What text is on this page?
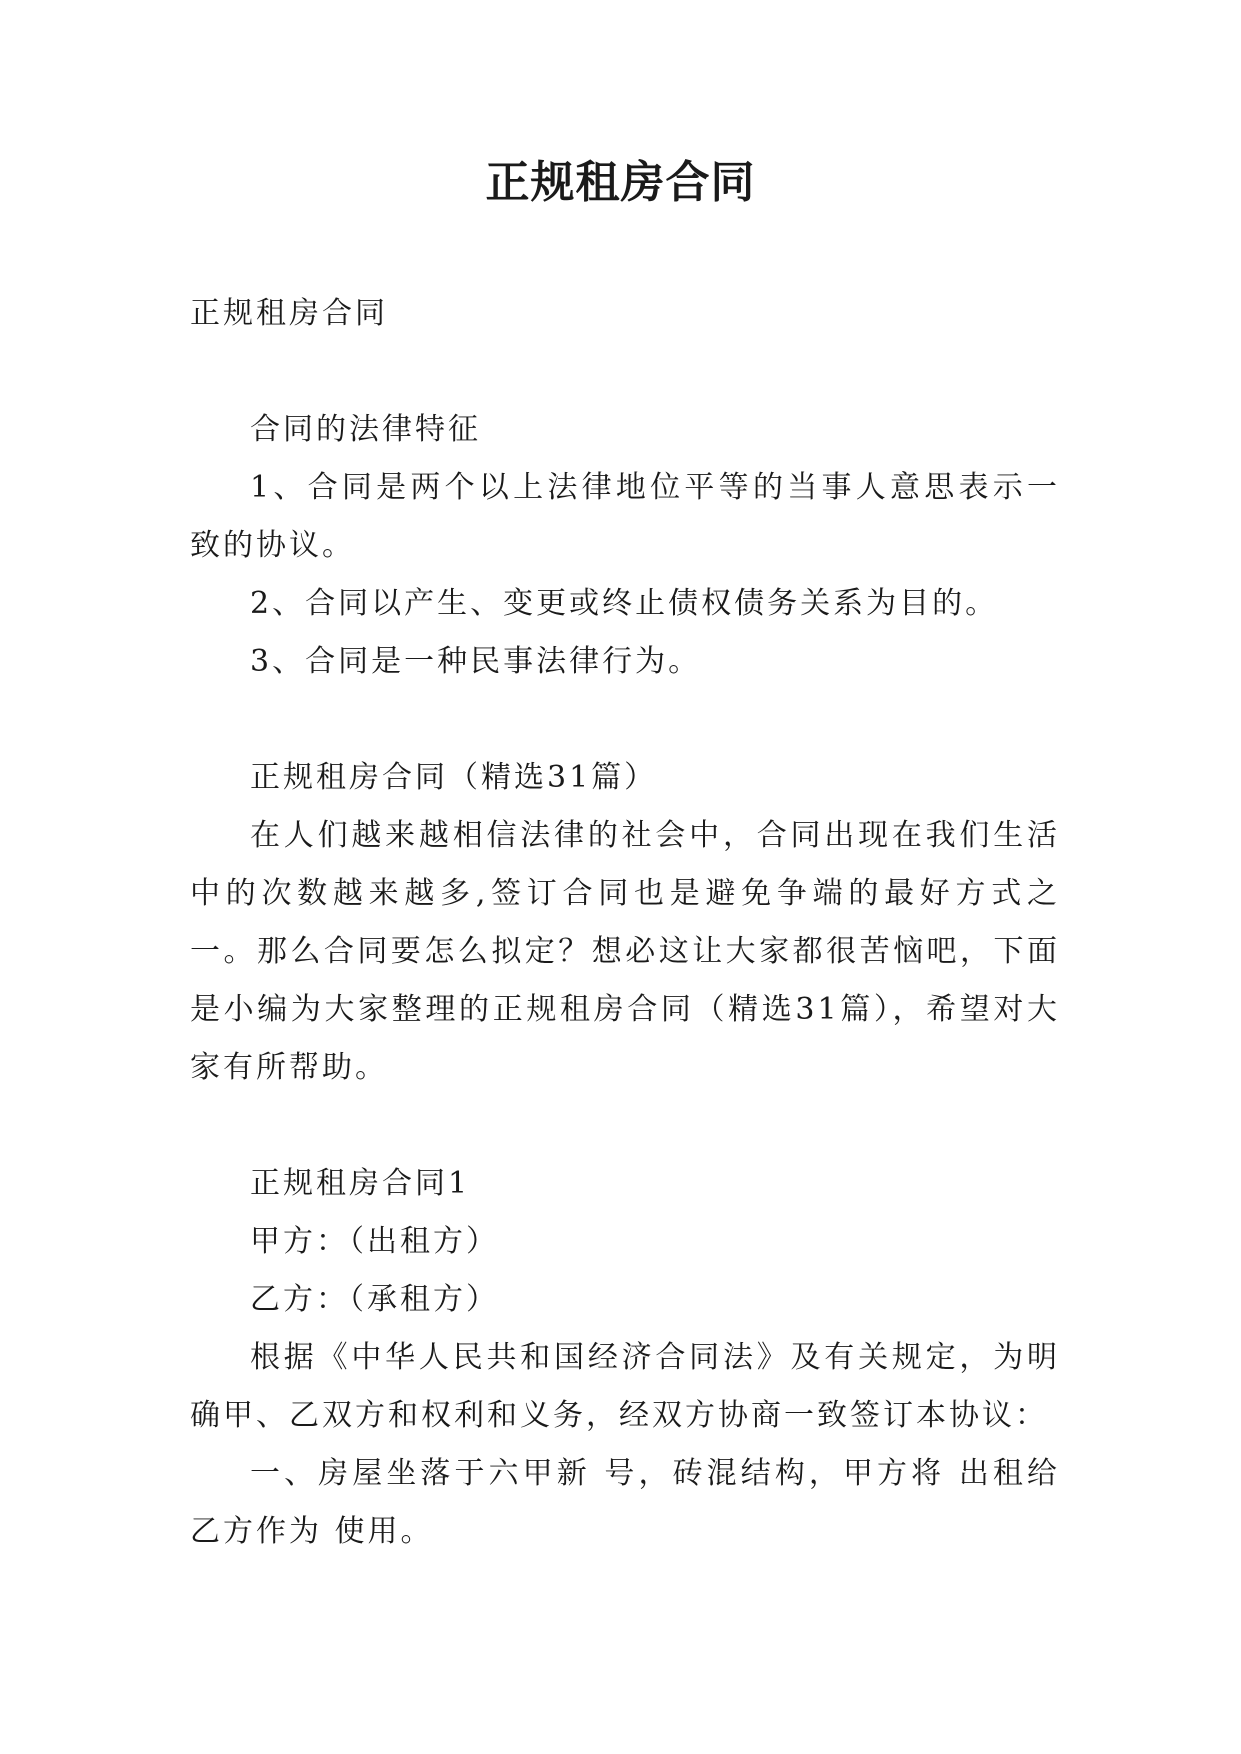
正规租房合同

正规租房合同

合同的法律特征

1、合同是两个以上法律地位平等的当事人意思表示一致的协议。

2、合同以产生、变更或终止债权债务关系为目的。

3、合同是一种民事法律行为。

正规租房合同（精选31篇）

在人们越来越相信法律的社会中，合同出现在我们生活中的次数越来越多,签订合同也是避免争端的最好方式之一。那么合同要怎么拟定？想必这让大家都很苦恼吧，下面是小编为大家整理的正规租房合同（精选31篇），希望对大家有所帮助。

正规租房合同1

甲方：（出租方）

乙方：（承租方）

根据《中华人民共和国经济合同法》及有关规定，为明确甲、乙双方和权利和义务，经双方协商一致签订本协议：

一、房屋坐落于六甲新 号，砖混结构，甲方将 出租给乙方作为 使用。
